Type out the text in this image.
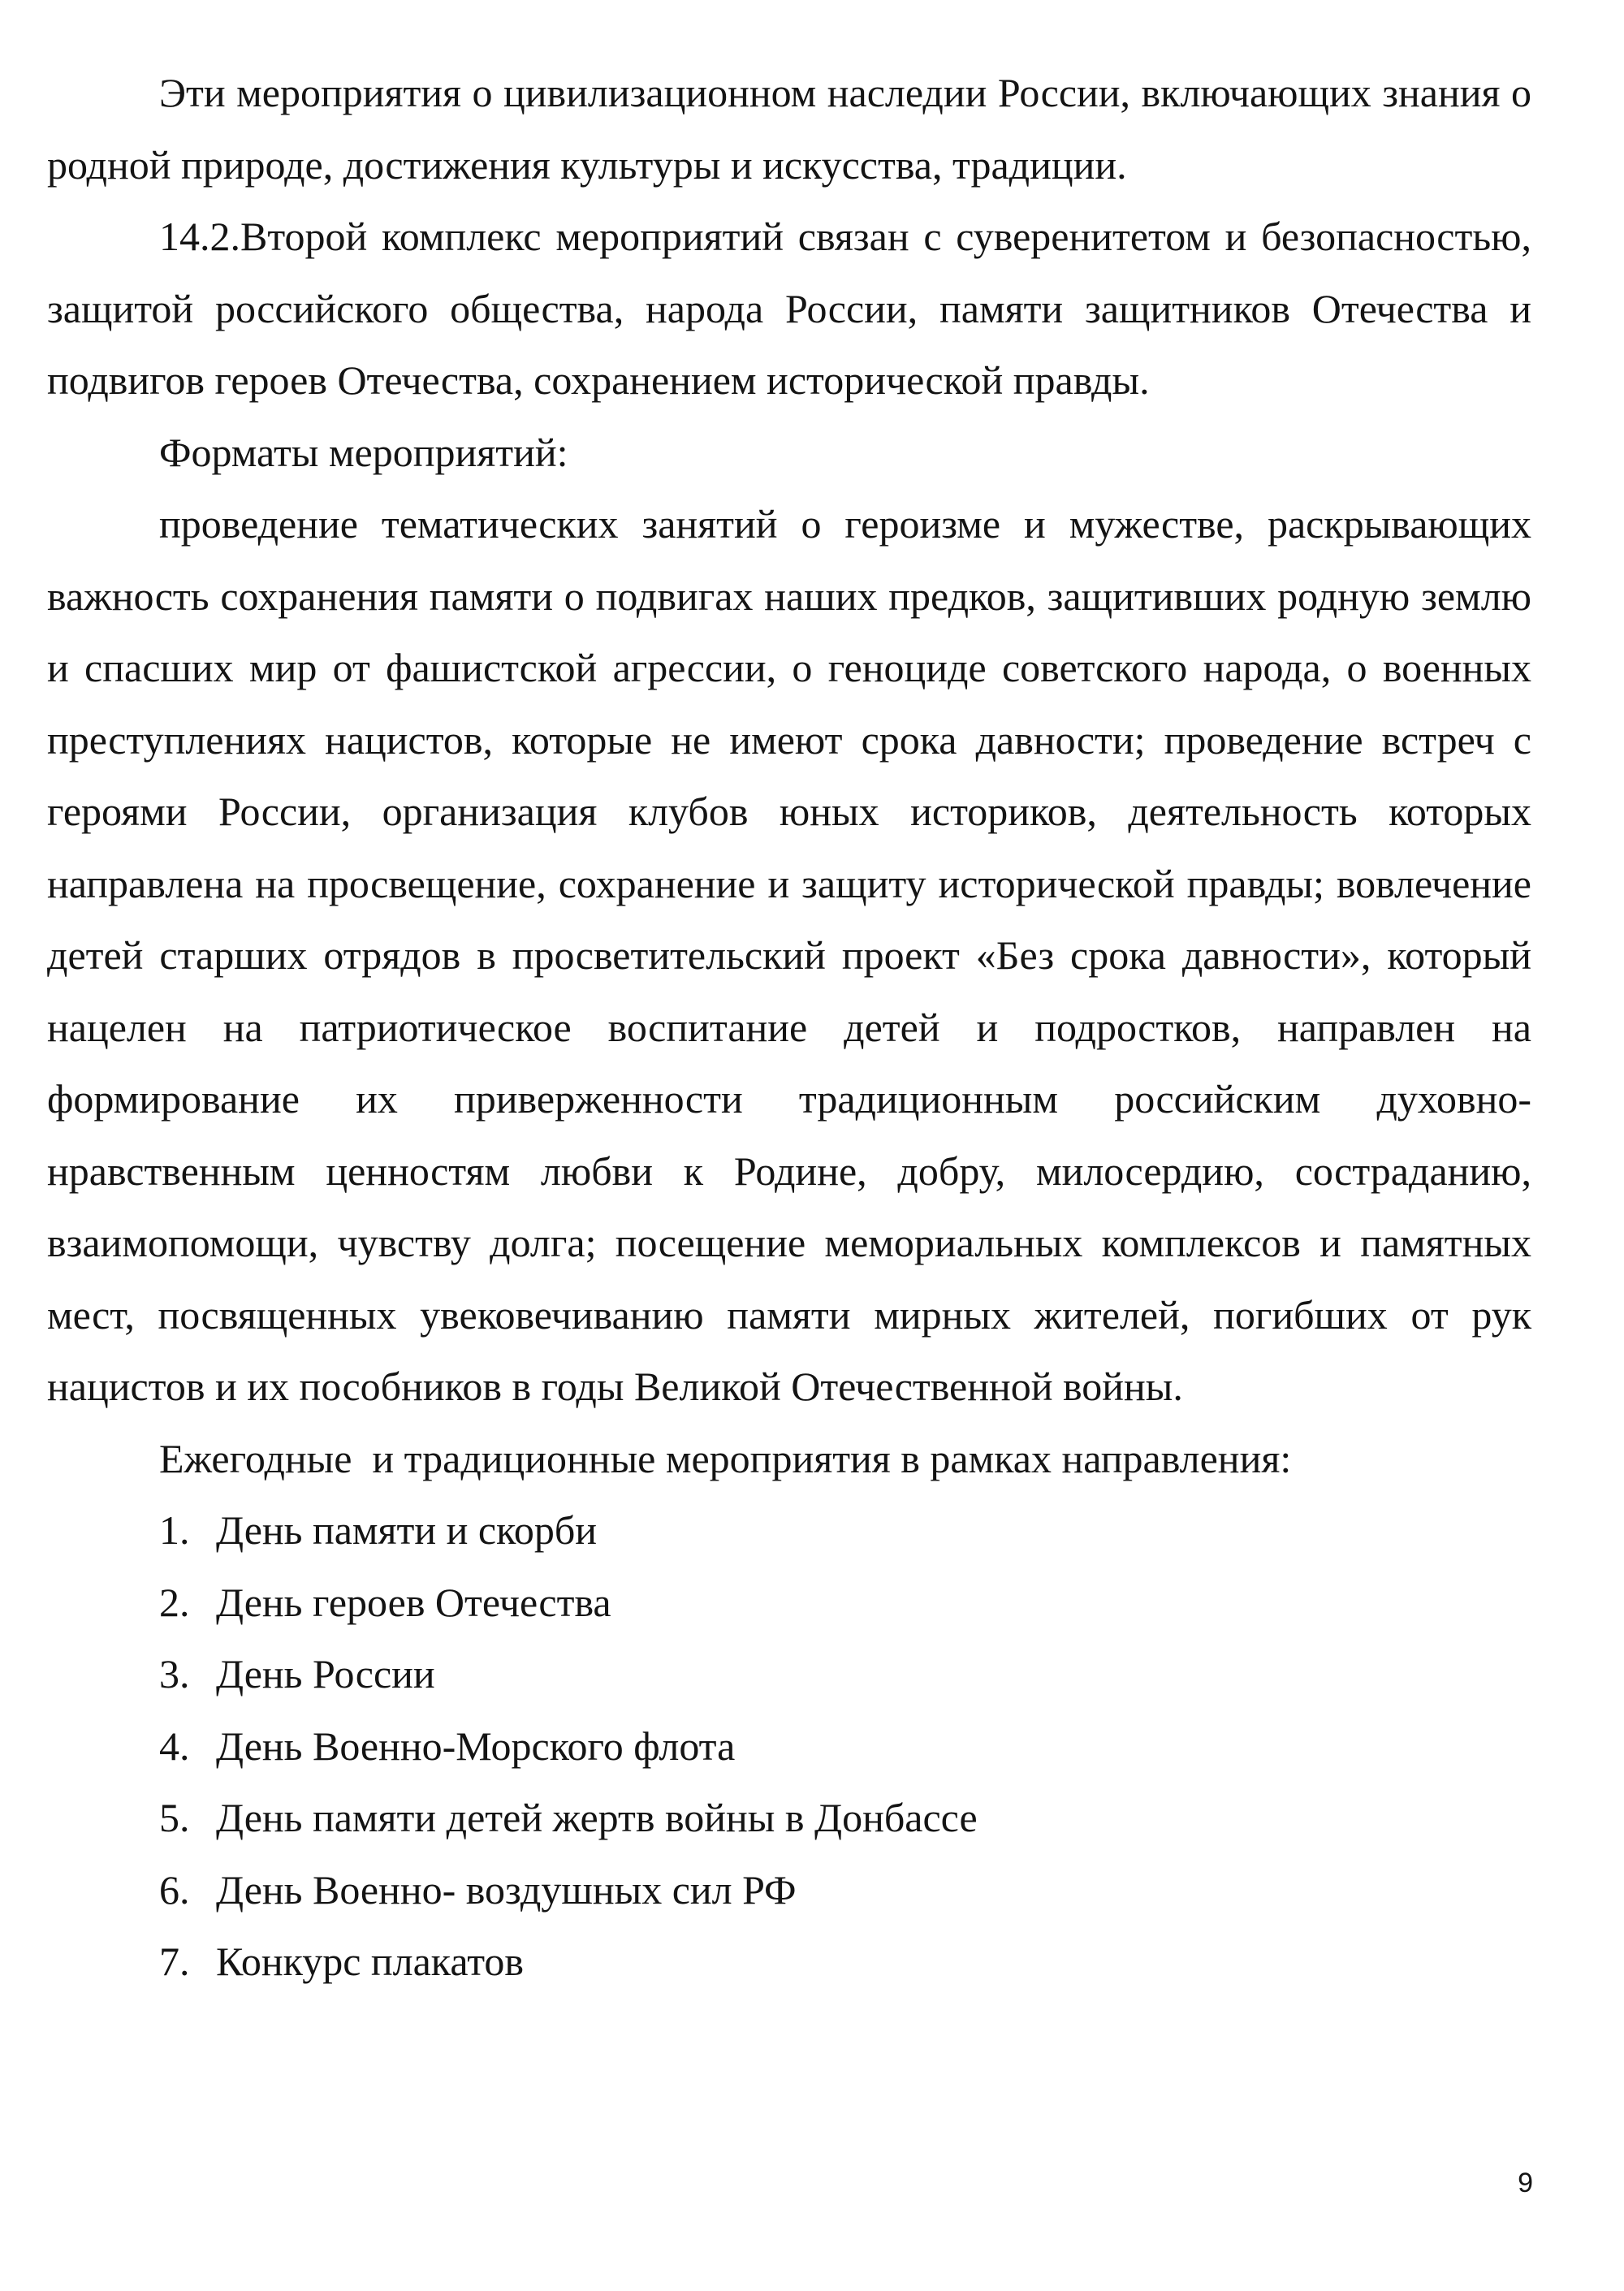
Эти мероприятия о цивилизационном наследии России, включающих знания о родной природе, достижения культуры и искусства, традиции.

14.2.Второй комплекс мероприятий связан с суверенитетом и безопасностью, защитой российского общества, народа России, памяти защитников Отечества и подвигов героев Отечества, сохранением исторической правды.

Форматы мероприятий:

проведение тематических занятий о героизме и мужестве, раскрывающих важность сохранения памяти о подвигах наших предков, защитивших родную землю и спасших мир от фашистской агрессии, о геноциде советского народа, о военных преступлениях нацистов, которые не имеют срока давности; проведение встреч с героями России, организация клубов юных историков, деятельность которых направлена на просвещение, сохранение и защиту исторической правды; вовлечение детей старших отрядов в просветительский проект «Без срока давности», который нацелен на патриотическое воспитание детей и подростков, направлен на формирование их приверженности традиционным российским духовно-нравственным ценностям любви к Родине, добру, милосердию, состраданию, взаимопомощи, чувству долга; посещение мемориальных комплексов и памятных мест, посвященных увековечиванию памяти мирных жителей, погибших от рук нацистов и их пособников в годы Великой Отечественной войны.

Ежегодные  и традиционные мероприятия в рамках направления:

1. День памяти и скорби
2. День героев Отечества
3. День России
4. День Военно-Морского флота
5. День памяти детей жертв войны в Донбассе
6. День Военно- воздушных сил РФ
7. Конкурс плакатов
9
